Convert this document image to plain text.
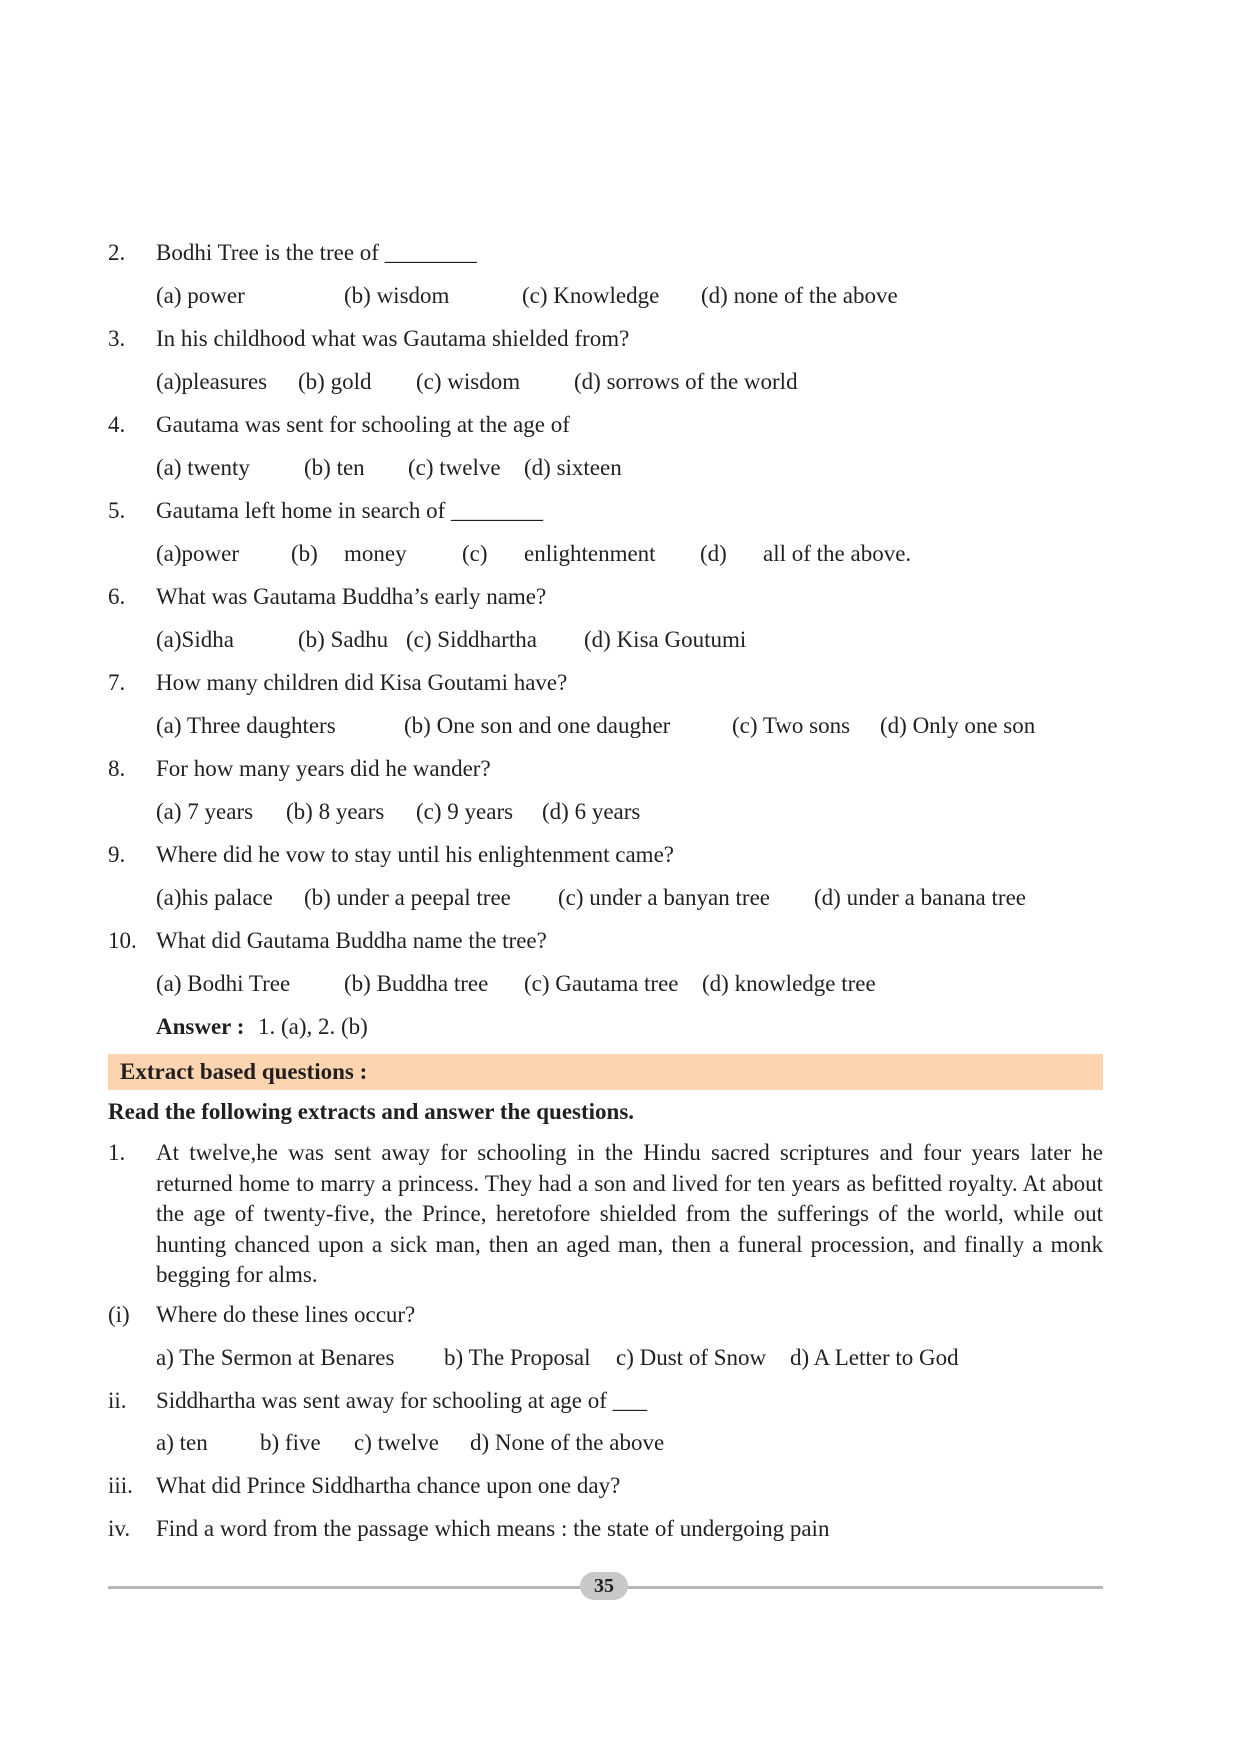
2.	Bodhi Tree is the tree of ________
(a) power	(b) wisdom	(c) Knowledge (d) none of the above
3.	In his childhood what was Gautama shielded from?
(a)pleasures (b) gold (c) wisdom (d) sorrows of the world
4.	Gautama was sent for schooling at the age of
(a) twenty (b) ten (c) twelve (d) sixteen
5.	Gautama left home in search of ________
(a)power (b) money (c) enlightenment (d) all of the above.
6.	What was Gautama Buddha’s early name?
(a)Sidha	(b) Sadhu (c) Siddhartha (d) Kisa Goutumi
7.	How many children did Kisa Goutami have?
(a) Three daughters	(b) One son and one daugher	(c) Two sons (d) Only one son
8.	For how many years did he wander?
(a) 7 years (b) 8 years (c) 9 years (d) 6 years
9.	Where did he vow to stay until his enlightenment came?
(a)his palace (b) under a peepal tree (c) under a banyan tree (d) under a banana tree
10. What did Gautama Buddha name the tree?
(a) Bodhi Tree (b) Buddha tree (c) Gautama tree (d) knowledge tree
Answer : 1. (a), 2. (b)
Extract based questions :
Read the following extracts and answer the questions.
1. At twelve,he was sent away for schooling in the Hindu sacred scriptures and four years later he returned home to marry a princess. They had a son and lived for ten years as befitted royalty. At about the age of twenty-five, the Prince, heretofore shielded from the sufferings of the world, while out hunting chanced upon a sick man, then an aged man, then a funeral procession, and finally a monk begging for alms.
(i) Where do these lines occur?
a) The Sermon at Benares b) The Proposal c) Dust of Snow d) A Letter to God
ii. Siddhartha was sent away for schooling at age of ___
a) ten b) five c) twelve d) None of the above
iii. What did Prince Siddhartha chance upon one day?
iv. Find a word from the passage which means : the state of undergoing pain
35
